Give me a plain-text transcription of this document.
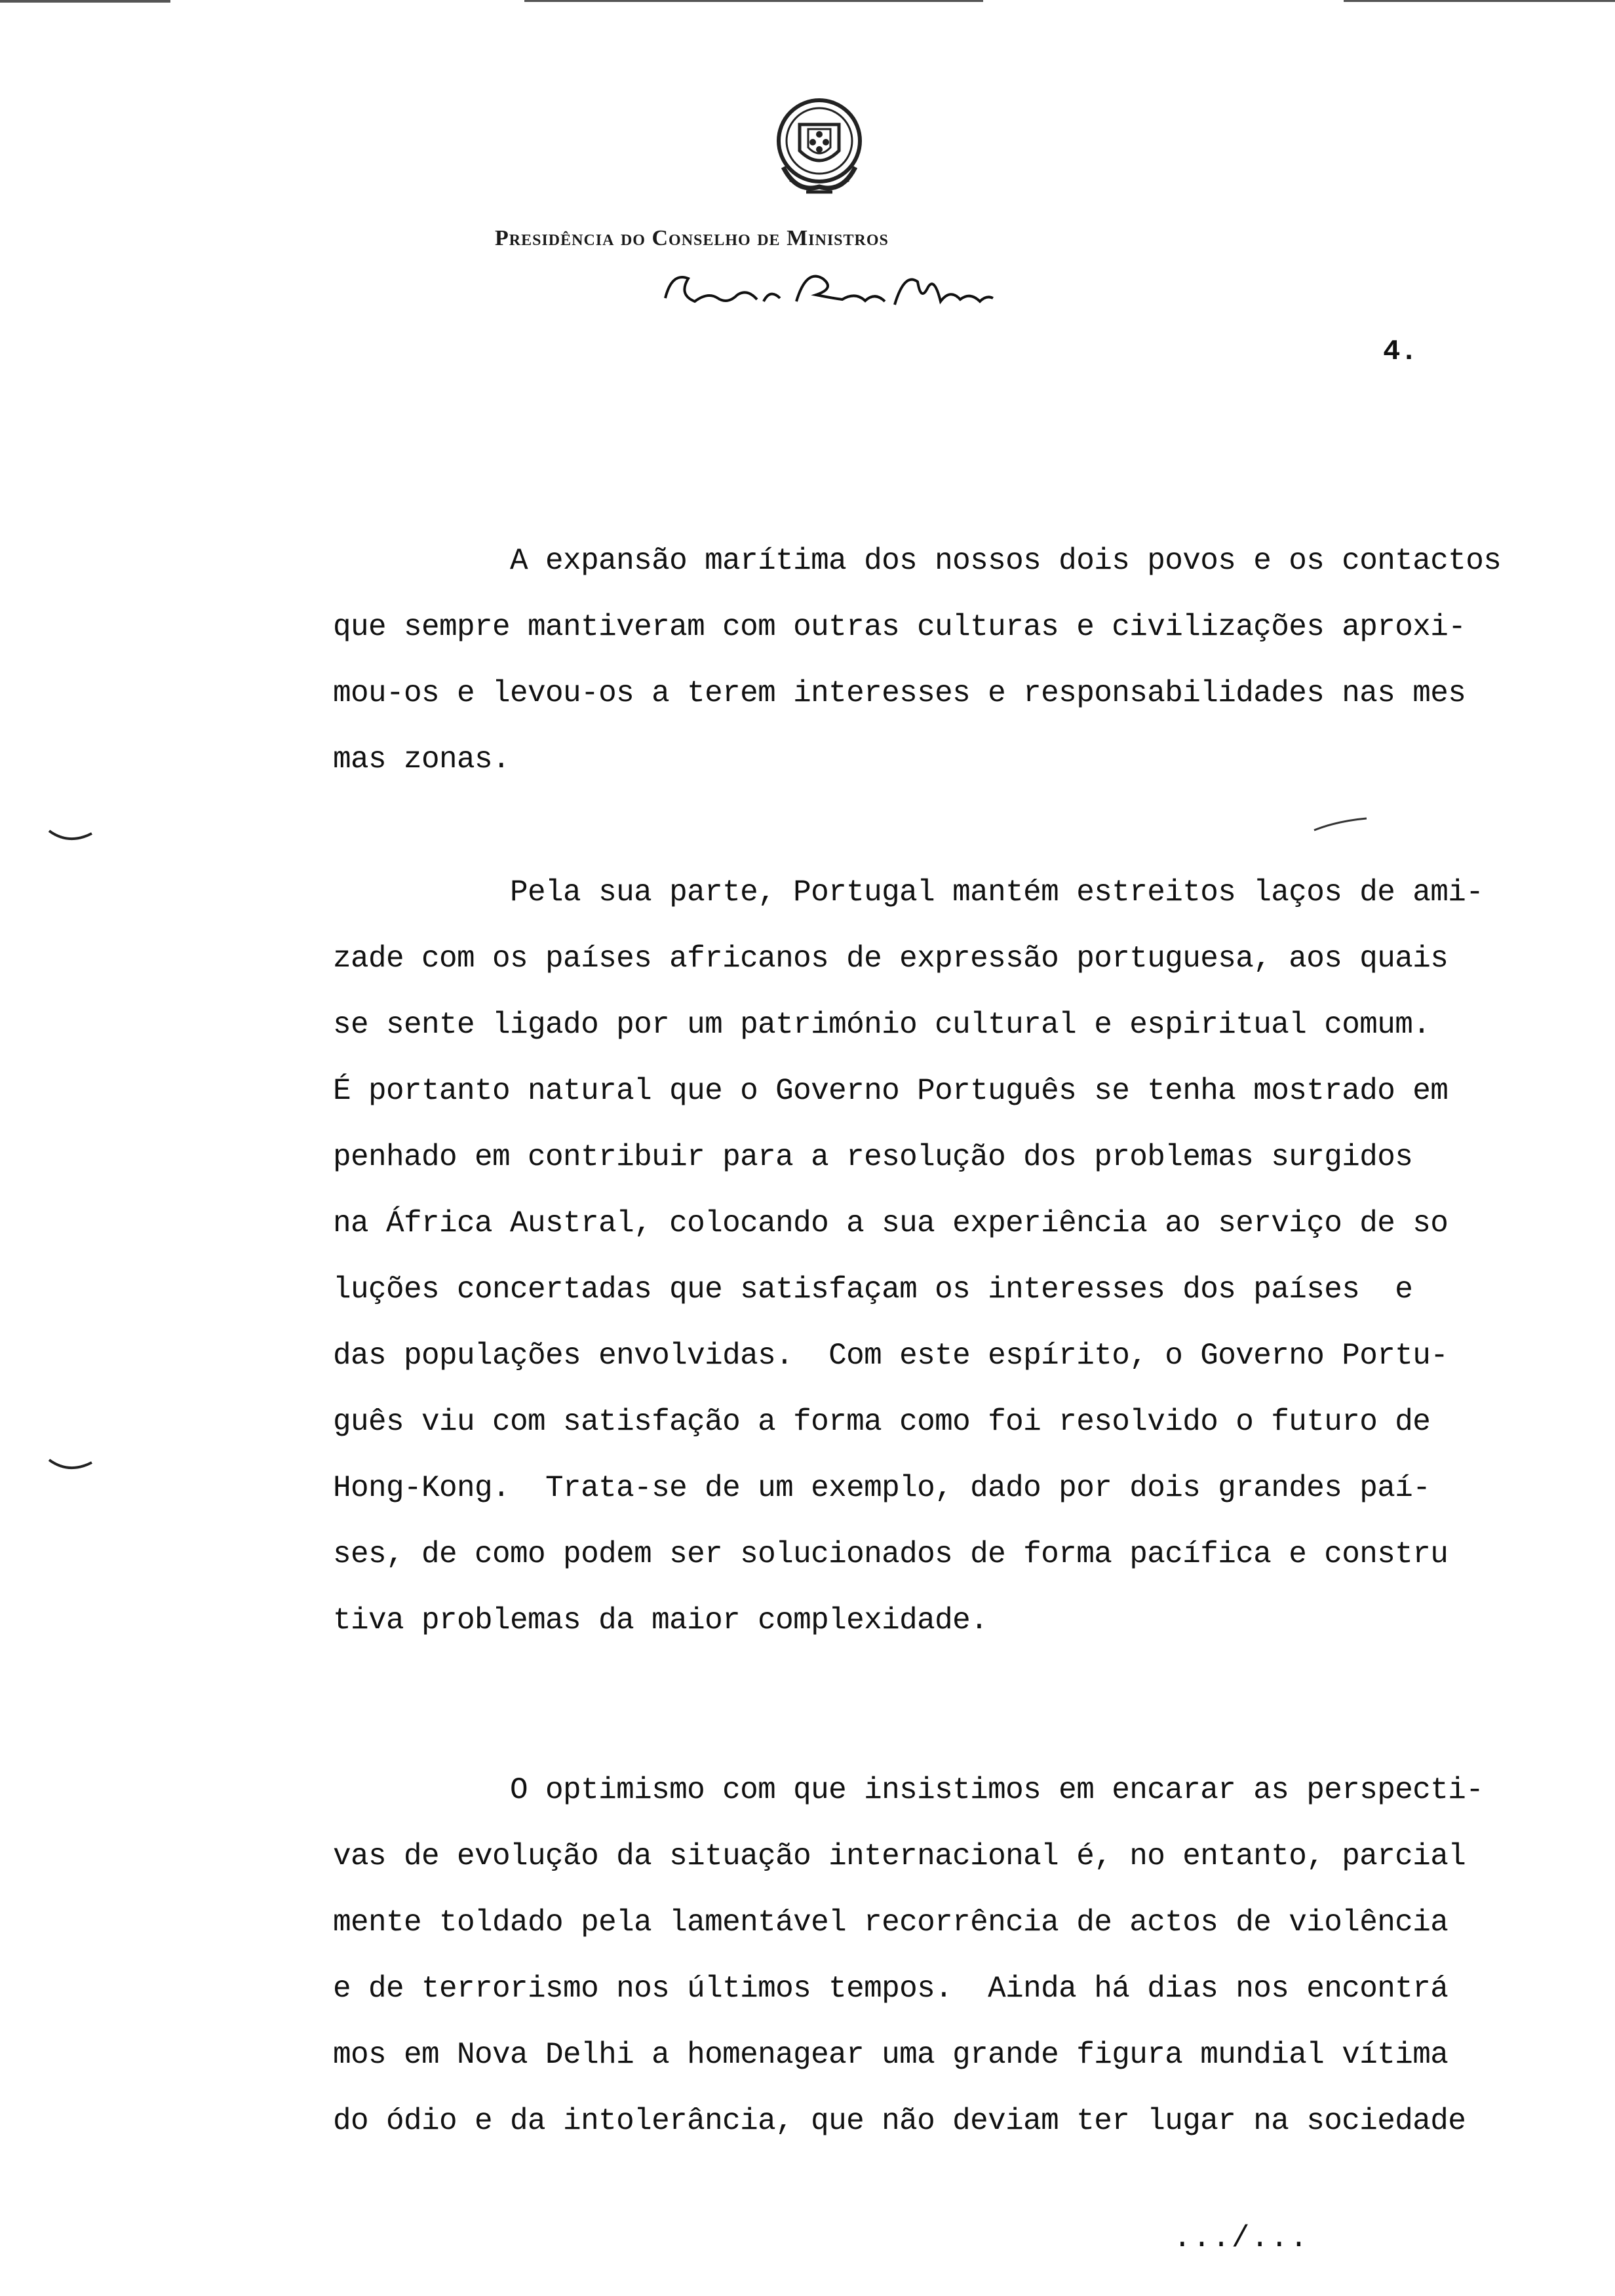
Presidência do Conselho de Ministros
4.
A expansão marítima dos nossos dois povos e os contactos
que sempre mantiveram com outras culturas e civilizações aproxi-
mou-os e levou-os a terem interesses e responsabilidades nas mes
mas zonas.
Pela sua parte, Portugal mantém estreitos laços de ami-
zade com os países africanos de expressão portuguesa, aos quais
se sente ligado por um património cultural e espiritual comum.
É portanto natural que o Governo Português se tenha mostrado em
penhado em contribuir para a resolução dos problemas surgidos
na África Austral, colocando a sua experiência ao serviço de so
luções concertadas que satisfaçam os interesses dos países  e
das populações envolvidas.  Com este espírito, o Governo Portu-
guês viu com satisfação a forma como foi resolvido o futuro de
Hong-Kong.  Trata-se de um exemplo, dado por dois grandes paí-
ses, de como podem ser solucionados de forma pacífica e constru
tiva problemas da maior complexidade.
O optimismo com que insistimos em encarar as perspecti-
vas de evolução da situação internacional é, no entanto, parcial
mente toldado pela lamentável recorrência de actos de violência
e de terrorismo nos últimos tempos.  Ainda há dias nos encontrá
mos em Nova Delhi a homenagear uma grande figura mundial vítima
do ódio e da intolerância, que não deviam ter lugar na sociedade
.../...
